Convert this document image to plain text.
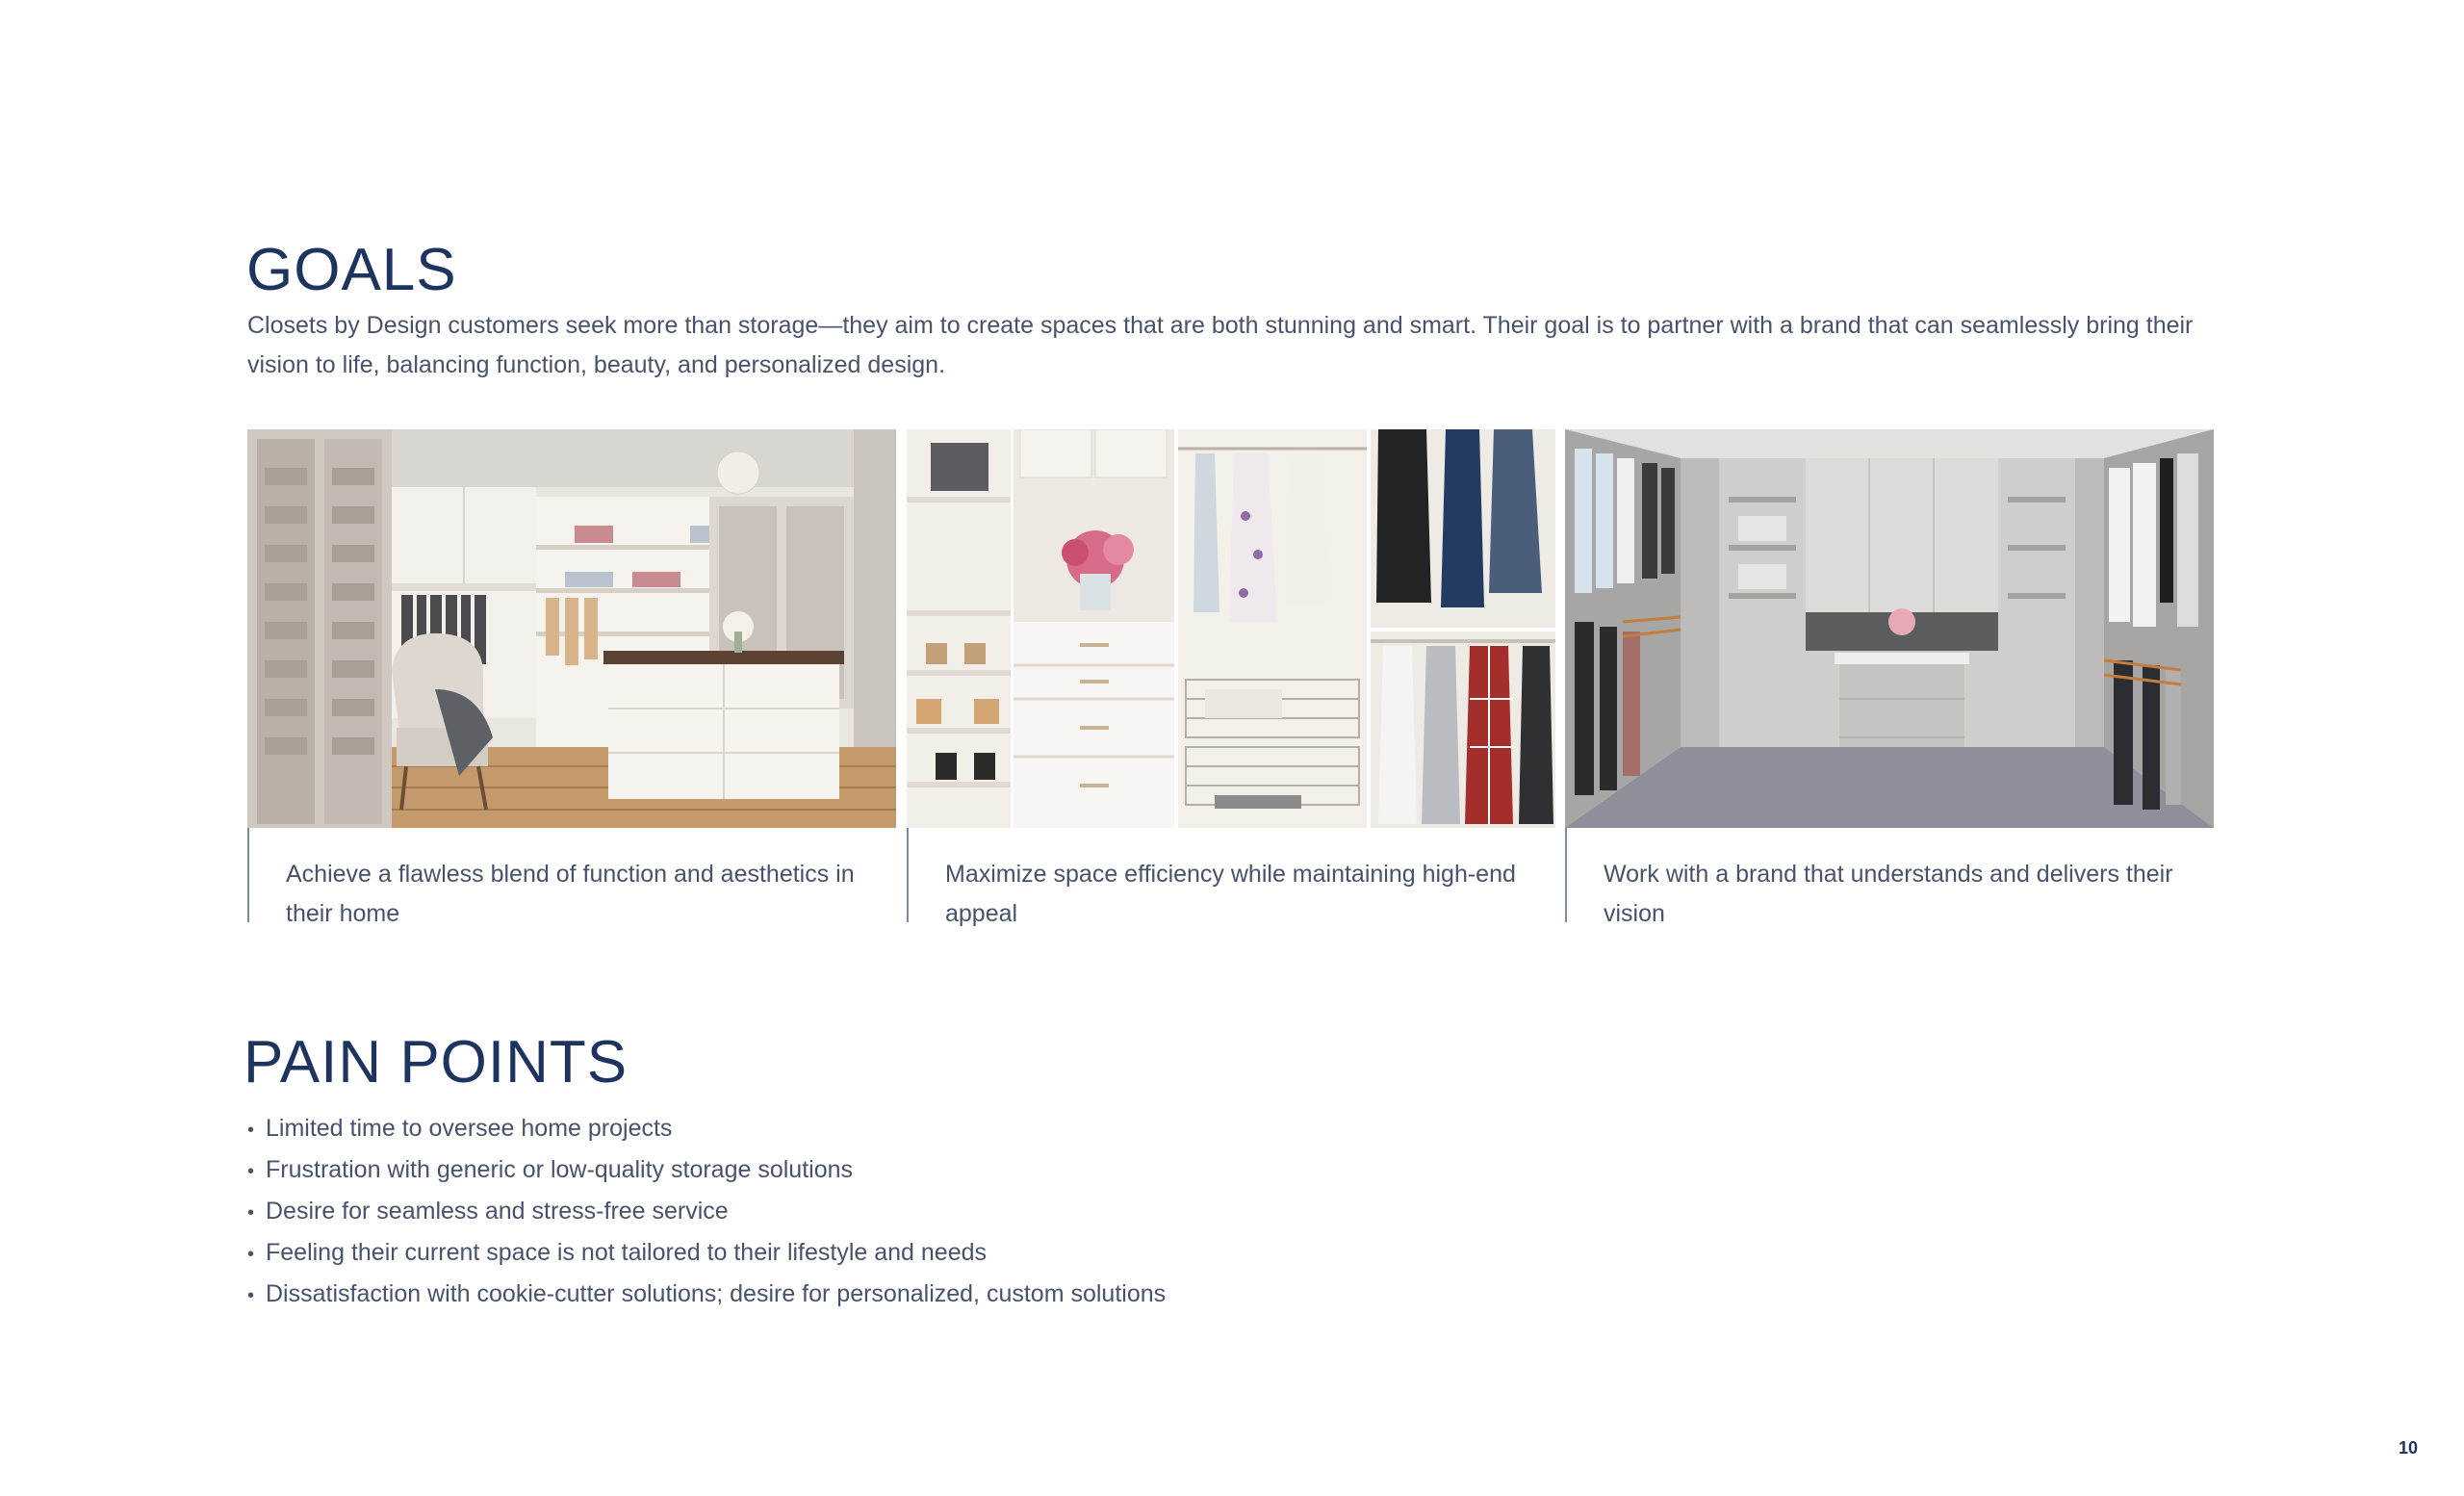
GOALS

Closets by Design customers seek more than storage—they aim to create spaces that are both stunning and smart. Their goal is to partner with a brand that can seamlessly bring their vision to life, balancing function, beauty, and personalized design.

Achieve a flawless blend of function and aesthetics in their home

Maximize space efficiency while maintaining high-end appeal

Work with a brand that understands and delivers their vision

PAIN POINTS
• Limited time to oversee home projects
• Frustration with generic or low-quality storage solutions
• Desire for seamless and stress-free service
• Feeling their current space is not tailored to their lifestyle and needs
• Dissatisfaction with cookie-cutter solutions; desire for personalized, custom solutions
10
